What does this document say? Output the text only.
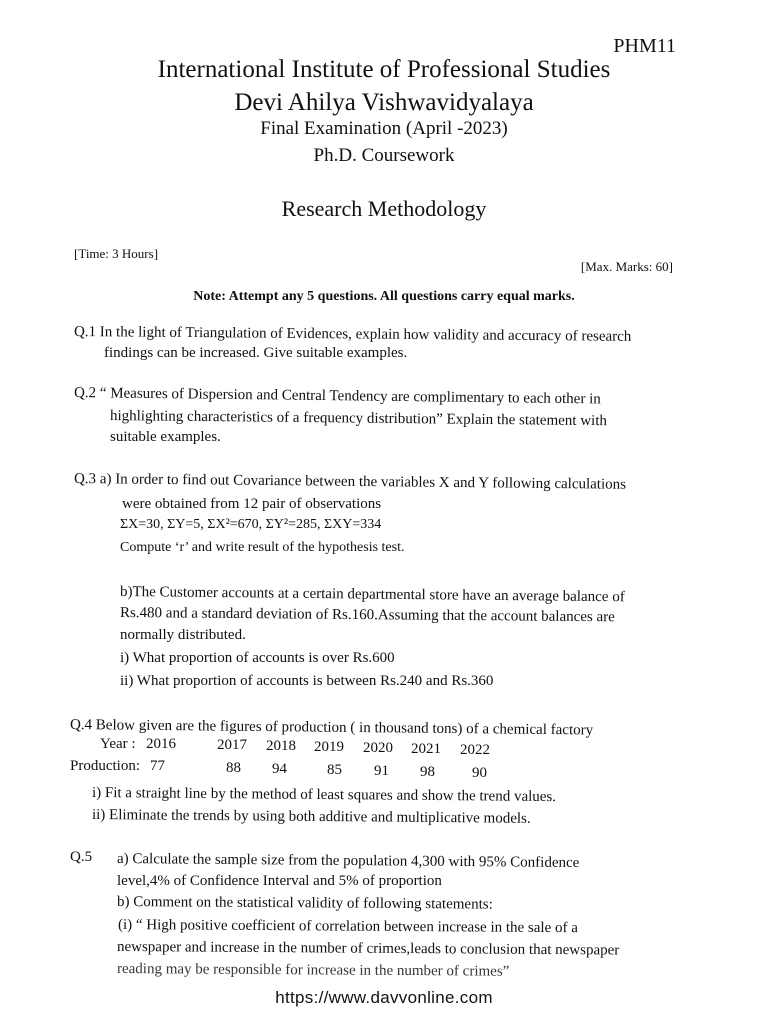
PHM11
International Institute of Professional Studies
Devi Ahilya Vishwavidyalaya
Final Examination (April -2023)
Ph.D. Coursework
Research Methodology
[Time: 3 Hours]
[Max. Marks: 60]
Note: Attempt any 5 questions. All questions carry equal marks.
Q.1 In the light of Triangulation of Evidences, explain how validity and accuracy of research
findings can be increased. Give suitable examples.
Q.2 “ Measures of Dispersion and Central Tendency are complimentary to each other in
highlighting characteristics of a frequency distribution” Explain the statement with
suitable examples.
Q.3 a) In order to find out Covariance between the variables X and Y following calculations
were obtained from 12 pair of observations
ΣX=30, ΣY=5, ΣX²=670, ΣY²=285, ΣXY=334
Compute ‘r’ and write result of the hypothesis test.
b)The Customer accounts at a certain departmental store have an average balance of
Rs.480 and a standard deviation of Rs.160.Assuming that the account balances are
normally distributed.
i) What proportion of accounts is over Rs.600
ii) What proportion of accounts is between Rs.240 and Rs.360
Q.4 Below given are the figures of production ( in thousand tons) of a chemical factory
Year : 2016	2017 2018 2019 2020 2021 2022
Production: 77	88 94	85 91 98 90
i) Fit a straight line by the method of least squares and show the trend values.
ii) Eliminate the trends by using both additive and multiplicative models.
Q.5 a) Calculate the sample size from the population 4,300 with 95% Confidence
level,4% of Confidence Interval and 5% of proportion
b) Comment on the statistical validity of following statements:
(i) “ High positive coefficient of correlation between increase in the sale of a
newspaper and increase in the number of crimes,leads to conclusion that newspaper
reading may be responsible for increase in the number of crimes”
https://www.davvonline.com
